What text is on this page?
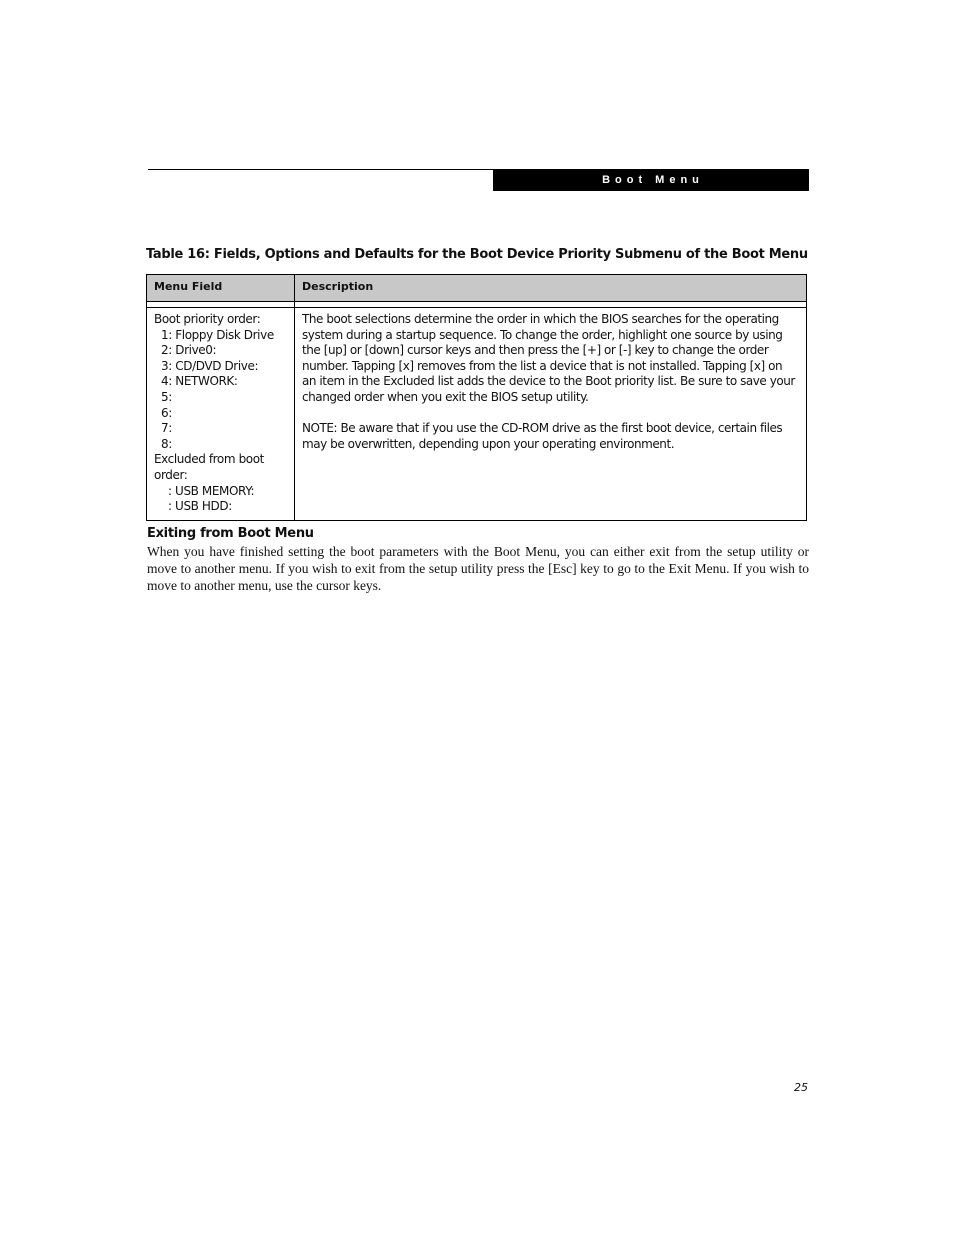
Boot Menu
Table 16: Fields, Options and Defaults for the Boot Device Priority Submenu of the Boot Menu
Menu Field	Description
Boot priority order:
1: Floppy Disk Drive
2: Drive0:
3: CD/DVD Drive:
4: NETWORK:
5:
6:
7:
8:
Excluded from boot
order:
: USB MEMORY:
: USB HDD:

The boot selections determine the order in which the BIOS searches for the operating system during a startup sequence. To change the order, highlight one source by using the [up] or [down] cursor keys and then press the [+] or [-] key to change the order number. Tapping [x] removes from the list a device that is not installed. Tapping [x] on an item in the Excluded list adds the device to the Boot priority list. Be sure to save your changed order when you exit the BIOS setup utility.

NOTE: Be aware that if you use the CD-ROM drive as the first boot device, certain files may be overwritten, depending upon your operating environment.

Exiting from Boot Menu
When you have finished setting the boot parameters with the Boot Menu, you can either exit from the setup utility or move to another menu. If you wish to exit from the setup utility press the [Esc] key to go to the Exit Menu. If you wish to move to another menu, use the cursor keys.
25
